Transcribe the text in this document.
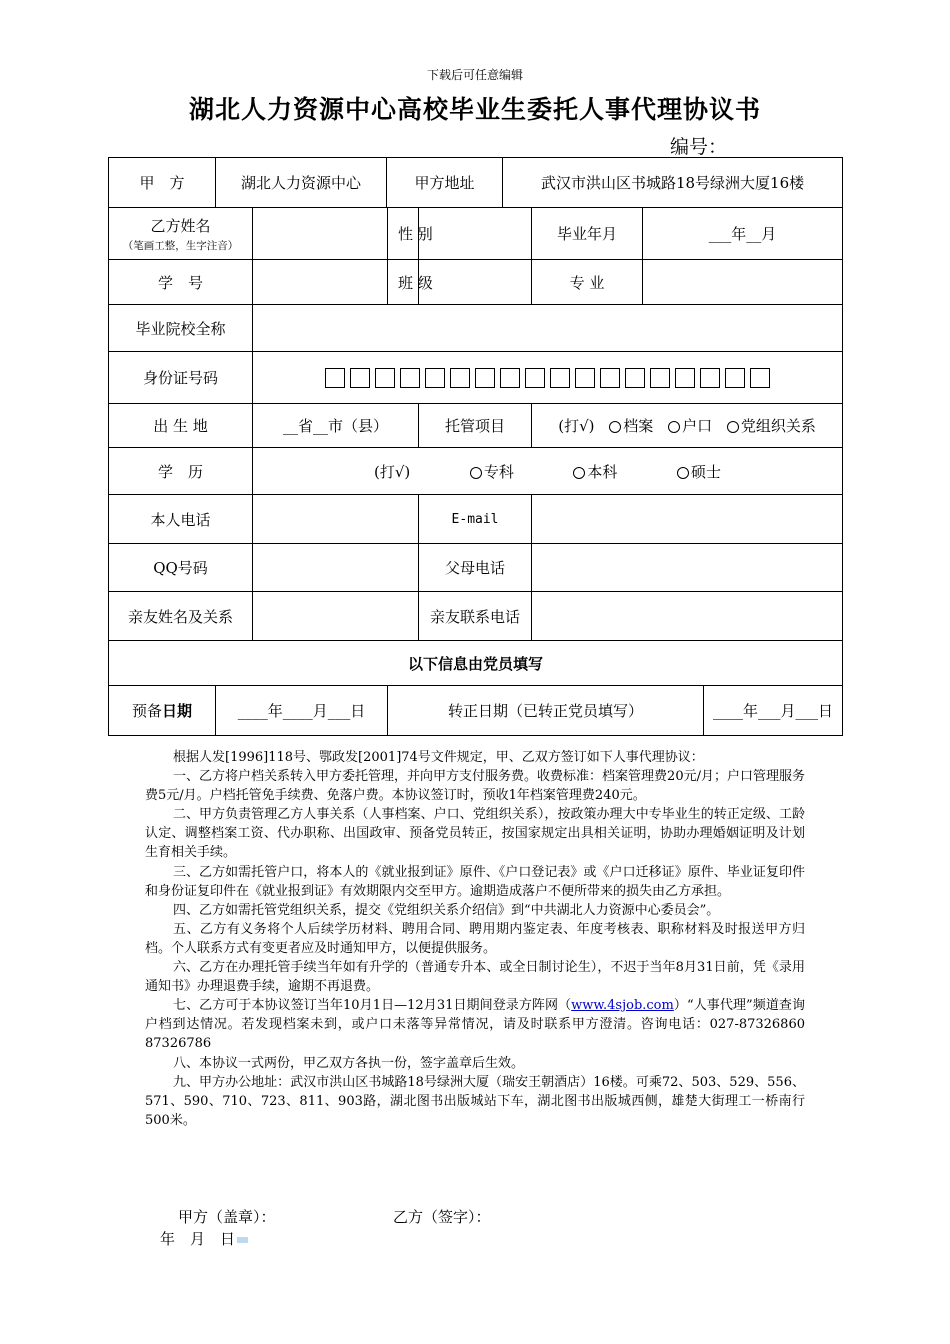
下载后可任意编辑
湖北人力资源中心高校毕业生委托人事代理协议书
编号：
甲　方	湖北人力资源中心		甲方地址		武汉市洪山区书城路18号绿洲大厦16楼			
乙方姓名
（笔画工整，生字注音）			性 别			毕业年月	___年__月	
学　号			班 级			专 业		
毕业院校全称								
身份证号码								

出 生 地		__省__市（县）		托管项目		(打√) 档案 户口 党组织关系		
学　历		(打√) 专科 本科 硕士						
本人电话				E-mail				
QQ号码				父母电话				
亲友姓名及关系				亲友联系电话				
以下信息由党员填写								
预备日期	____年____月___日		转正日期（已转正党员填写）					____年___月___日

根据人发[1996]118号、鄂政发[2001]74号文件规定，甲、乙双方签订如下人事代理协议：

一、乙方将户档关系转入甲方委托管理，并向甲方支付服务费。收费标准：档案管理费20元/月；户口管理服务费5元/月。户档托管免手续费、免落户费。本协议签订时，预收1年档案管理费240元。

二、甲方负责管理乙方人事关系（人事档案、户口、党组织关系），按政策办理大中专毕业生的转正定级、工龄认定、调整档案工资、代办职称、出国政审、预备党员转正，按国家规定出具相关证明，协助办理婚姻证明及计划生育相关手续。

三、乙方如需托管户口，将本人的《就业报到证》原件、《户口登记表》或《户口迁移证》原件、毕业证复印件和身份证复印件在《就业报到证》有效期限内交至甲方。逾期造成落户不便所带来的损失由乙方承担。

四、乙方如需托管党组织关系，提交《党组织关系介绍信》到“中共湖北人力资源中心委员会”。

五、乙方有义务将个人后续学历材料、聘用合同、聘用期内鉴定表、年度考核表、职称材料及时报送甲方归档。个人联系方式有变更者应及时通知甲方，以便提供服务。

六、乙方在办理托管手续当年如有升学的（普通专升本、或全日制讨论生），不迟于当年8月31日前，凭《录用通知书》办理退费手续，逾期不再退费。

七、乙方可于本协议签订当年10月1日—12月31日期间登录方阵网（www.4sjob.com）“人事代理”频道查询户档到达情况。若发现档案未到，或户口未落等异常情况，请及时联系甲方澄清。咨询电话：027-87326860 87326786

八、本协议一式两份，甲乙双方各执一份，签字盖章后生效。

九、甲方办公地址：武汉市洪山区书城路18号绿洲大厦（瑞安王朝酒店）16楼。可乘72、503、529、556、571、590、710、723、811、903路，湖北图书出版城站下车，湖北图书出版城西侧，雄楚大街理工一桥南行500米。

甲方（盖章）：	乙方（签字）：
年　月　日
